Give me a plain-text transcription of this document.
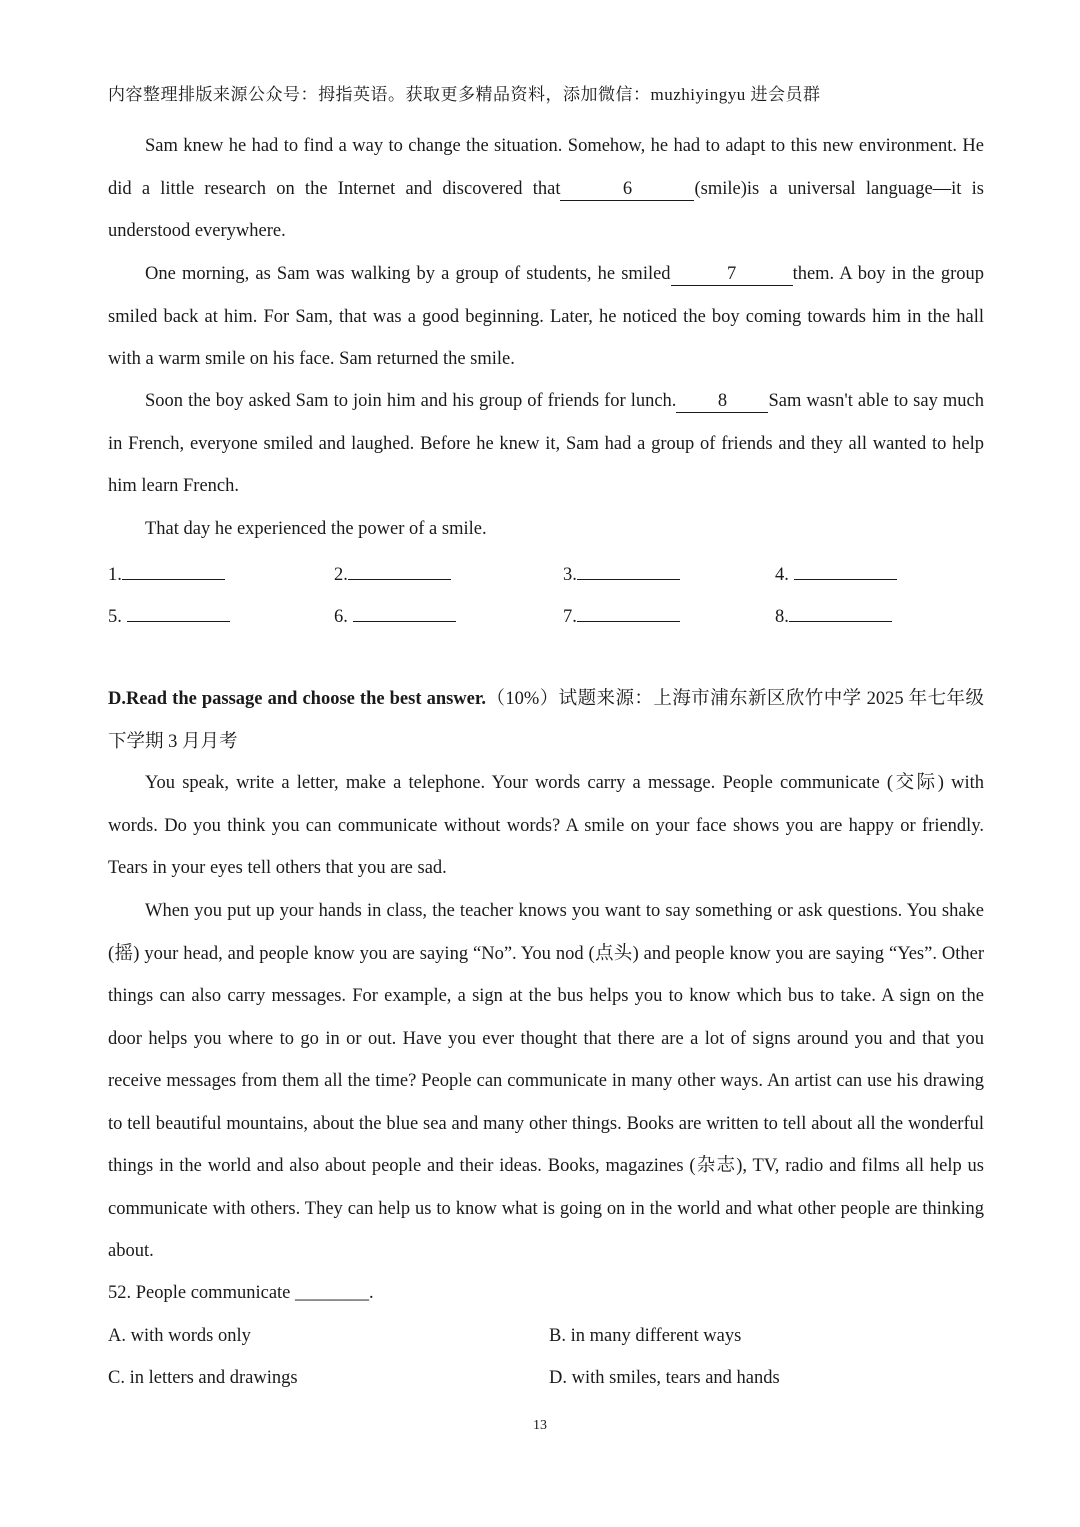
内容整理排版来源公众号：拇指英语。获取更多精品资料，添加微信：muzhiyingyu 进会员群
Sam knew he had to find a way to change the situation. Somehow, he had to adapt to this new environment. He did a little research on the Internet and discovered that	6	(smile)is a universal language—it is understood everywhere.
One morning, as Sam was walking by a group of students, he smiled	7	them. A boy in the group smiled back at him. For Sam, that was a good beginning. Later, he noticed the boy coming towards him in the hall with a warm smile on his face. Sam returned the smile.
Soon the boy asked Sam to join him and his group of friends for lunch. 8 Sam wasn't able to say much in French, everyone smiled and laughed. Before he knew it, Sam had a group of friends and they all wanted to help him learn French.
That day he experienced the power of a smile.
1.	2.	3.	4.
5.	6.	7.	8.
D.Read the passage and choose the best answer.（10%）试题来源：上海市浦东新区欣竹中学 2025 年七年级下学期 3 月月考
You speak, write a letter, make a telephone. Your words carry a message. People communicate (交际) with words. Do you think you can communicate without words? A smile on your face shows you are happy or friendly. Tears in your eyes tell others that you are sad.
When you put up your hands in class, the teacher knows you want to say something or ask questions. You shake (摇) your head, and people know you are saying “No”. You nod (点头) and people know you are saying “Yes”. Other things can also carry messages. For example, a sign at the bus helps you to know which bus to take. A sign on the door helps you where to go in or out. Have you ever thought that there are a lot of signs around you and that you receive messages from them all the time? People can communicate in many other ways. An artist can use his drawing to tell beautiful mountains, about the blue sea and many other things. Books are written to tell about all the wonderful things in the world and also about people and their ideas. Books, magazines (杂志), TV, radio and films all help us communicate with others. They can help us to know what is going on in the world and what other people are thinking about.
52. People communicate ________.
A. with words only	B. in many different ways
C. in letters and drawings	D. with smiles, tears and hands
13
